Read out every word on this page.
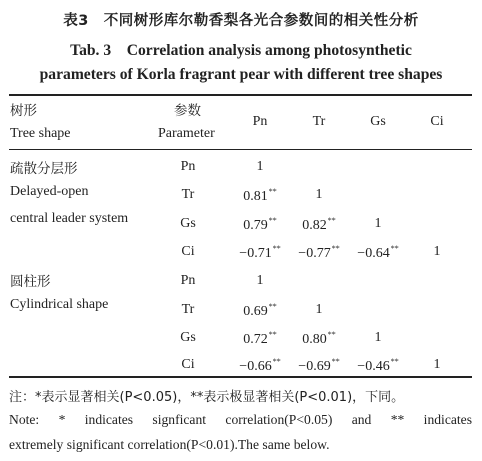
表3　不同树形库尔勒香梨各光合参数间的相关性分析
Tab. 3　Correlation analysis among photosynthetic
parameters of Korla fragrant pear with different tree shapes
树形
Tree shape
参数
Parameter
Pn	Tr	Gs	Ci
疏散分层形
Delayed-open
central leader system
Pn	1
Tr	0.81**	1
Gs	0.79**	0.82**	1
Ci	−0.71**	−0.77**	−0.64**	1
圆柱形
Cylindrical shape
Pn	1
Tr	0.69**	1
Gs	0.72**	0.80**	1
Ci	−0.66**	−0.69**	−0.46**	1
注：*表示显著相关(P<0.05)，**表示极显著相关(P<0.01)，下同。
Note: * indicates signficant correlation(P<0.05) and ** indicates
extremely significant correlation(P<0.01).The same below.
